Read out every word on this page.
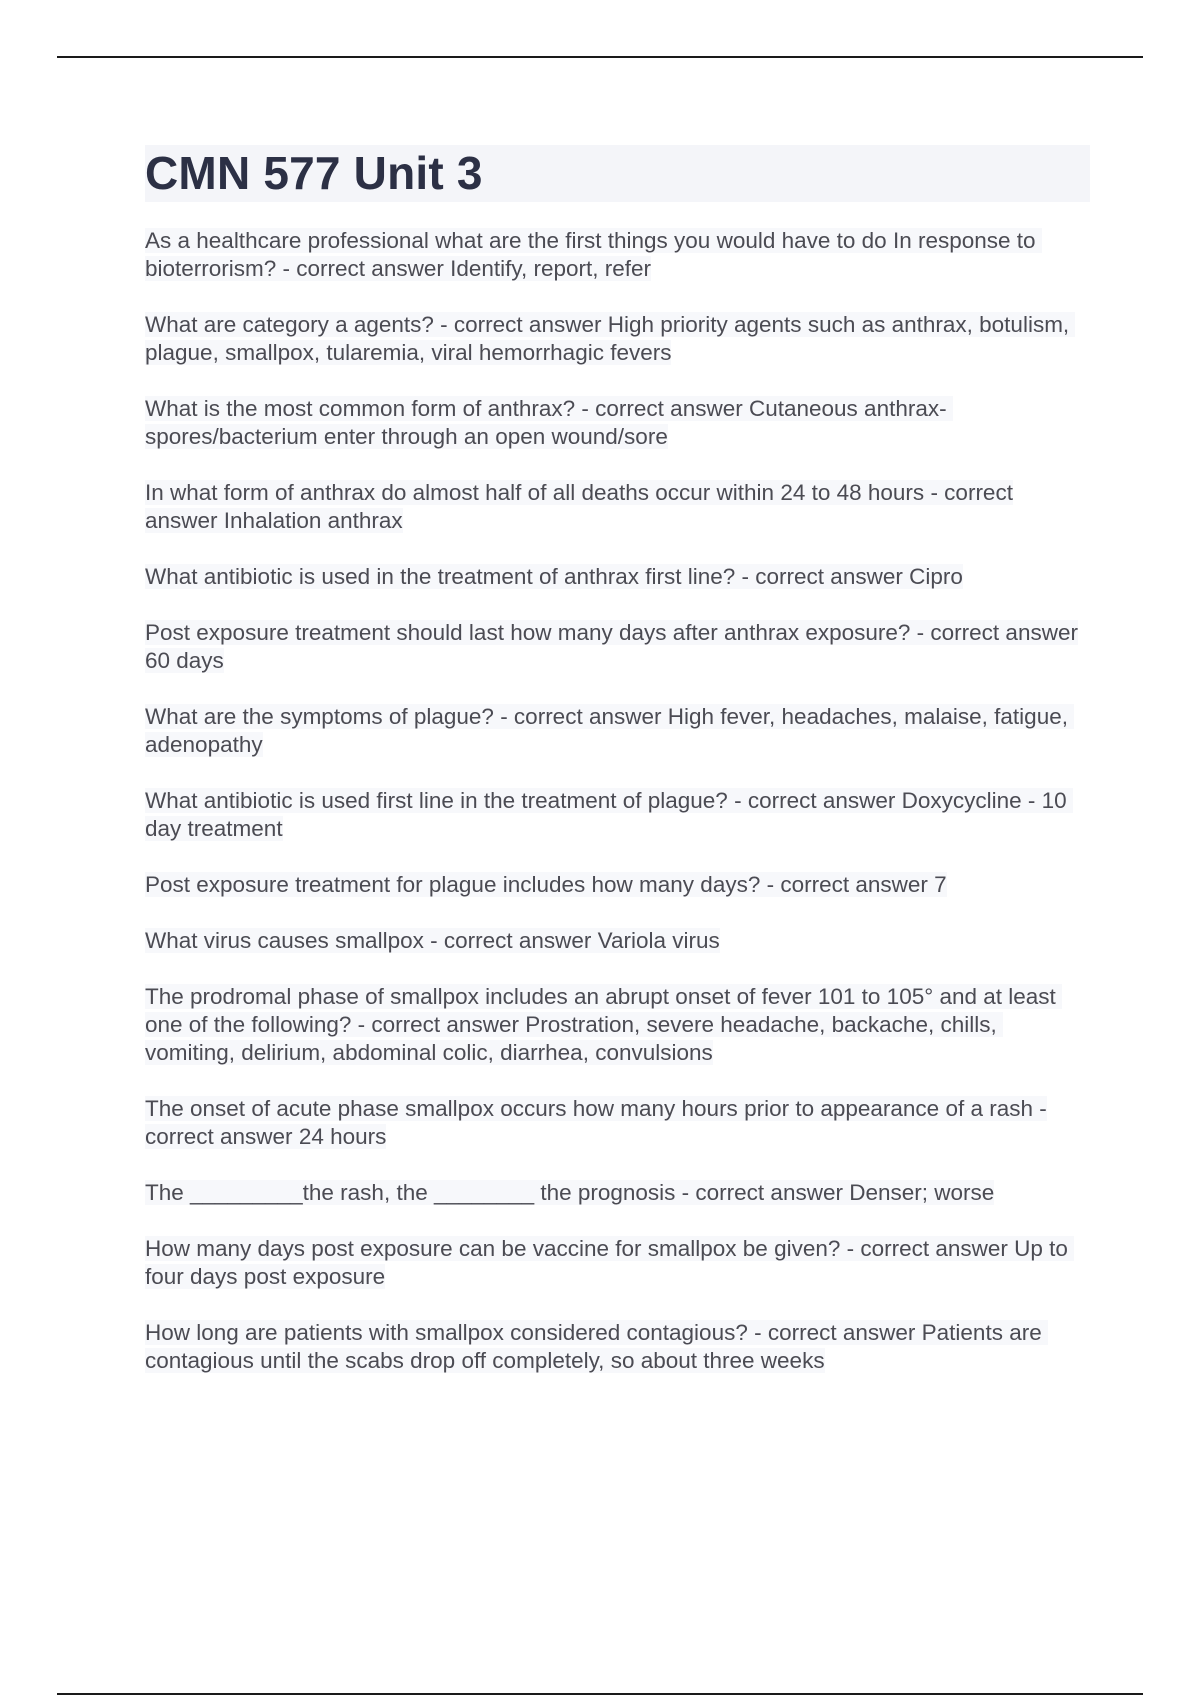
CMN 577 Unit 3
As a healthcare professional what are the first things you would have to do In response to bioterrorism? - correct answer Identify, report, refer
What are category a agents? - correct answer High priority agents such as anthrax, botulism, plague, smallpox, tularemia, viral hemorrhagic fevers
What is the most common form of anthrax? - correct answer Cutaneous anthrax- spores/bacterium enter through an open wound/sore
In what form of anthrax do almost half of all deaths occur within 24 to 48 hours - correct answer Inhalation anthrax
What antibiotic is used in the treatment of anthrax first line? - correct answer Cipro
Post exposure treatment should last how many days after anthrax exposure? - correct answer 60 days
What are the symptoms of plague? - correct answer High fever, headaches, malaise, fatigue, adenopathy
What antibiotic is used first line in the treatment of plague? - correct answer Doxycycline - 10 day treatment
Post exposure treatment for plague includes how many days? - correct answer 7
What virus causes smallpox - correct answer Variola virus
The prodromal phase of smallpox includes an abrupt onset of fever 101 to 105° and at least one of the following? - correct answer Prostration, severe headache, backache, chills, vomiting, delirium, abdominal colic, diarrhea, convulsions
The onset of acute phase smallpox occurs how many hours prior to appearance of a rash - correct answer 24 hours
The _________the rash, the ________ the prognosis - correct answer Denser; worse
How many days post exposure can be vaccine for smallpox be given? - correct answer Up to four days post exposure
How long are patients with smallpox considered contagious? - correct answer Patients are contagious until the scabs drop off completely, so about three weeks
